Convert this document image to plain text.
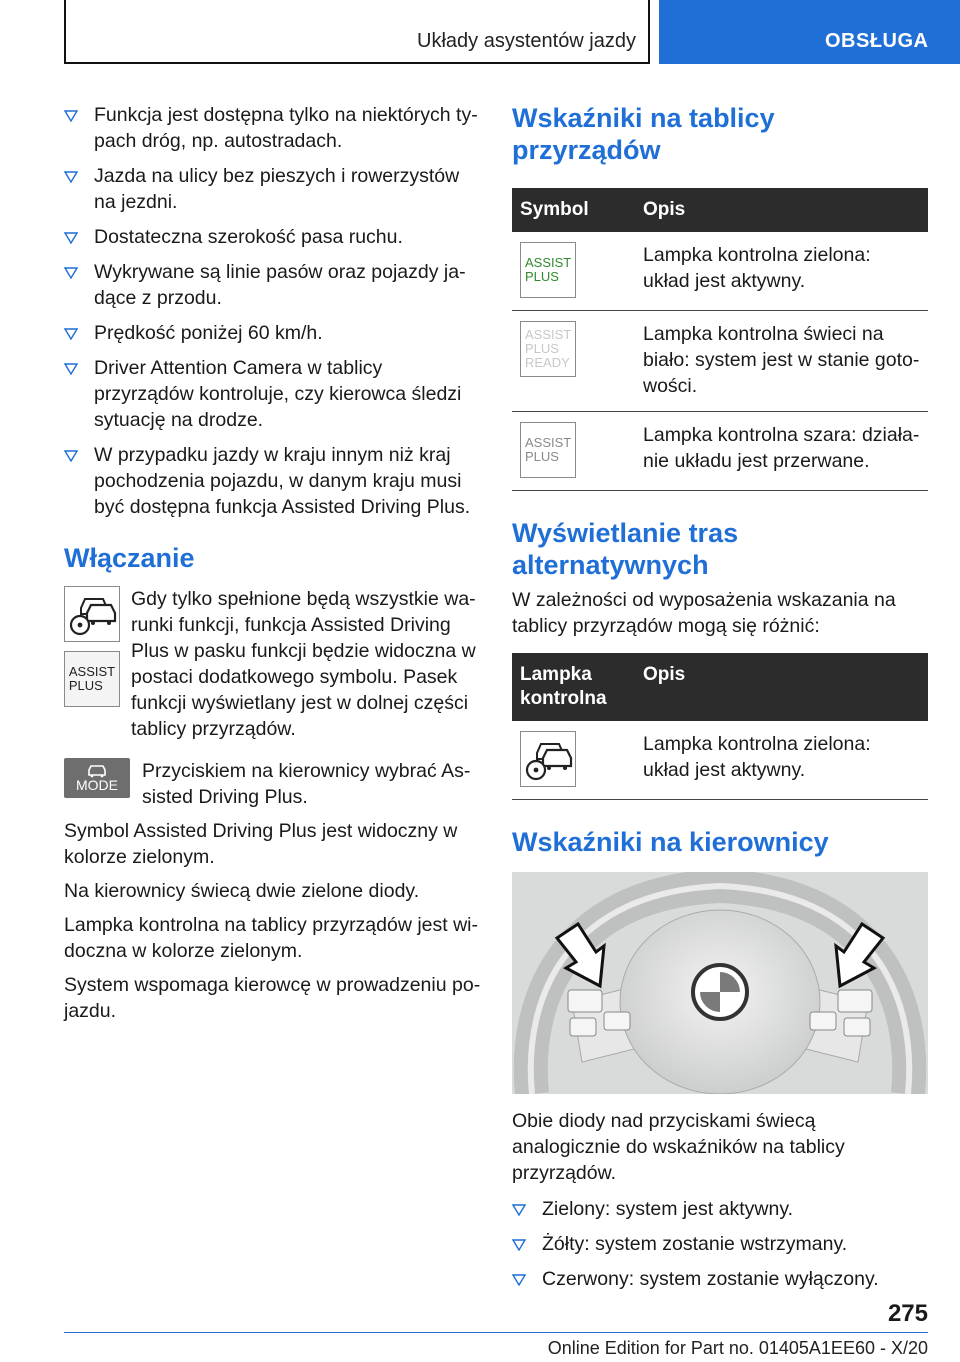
Układy asystentów jazdy	OBSŁUGA
Funkcja jest dostępna tylko na niektórych typach dróg, np. autostradach.
Jazda na ulicy bez pieszych i rowerzystów na jezdni.
Dostateczna szerokość pasa ruchu.
Wykrywane są linie pasów oraz pojazdy jadące z przodu.
Prędkość poniżej 60 km/h.
Driver Attention Camera w tablicy przyrządów kontroluje, czy kierowca śledzi sytuację na drodze.
W przypadku jazdy w kraju innym niż kraj pochodzenia pojazdu, w danym kraju musi być dostępna funkcja Assisted Driving Plus.
Włączanie
ASSIST
PLUS

Gdy tylko spełnione będą wszystkie warunki funkcji, funkcja Assisted Driving Plus w pasku funkcji będzie widoczna w postaci dodatkowego symbolu. Pasek funkcji wyświetlany jest w dolnej części tablicy przyrządów.

MODE

Przyciskiem na kierownicy wybrać Assisted Driving Plus.

Symbol Assisted Driving Plus jest widoczny w kolorze zielonym.

Na kierownicy świecą dwie zielone diody.

Lampka kontrolna na tablicy przyrządów jest widoczna w kolorze zielonym.

System wspomaga kierowcę w prowadzeniu pojazdu.

Wskaźniki na tablicy przyrządów
Symbol	Opis

ASSIST
PLUS	Lampka kontrolna zielona: układ jest aktywny.

ASSIST
PLUS
READY	Lampka kontrolna świeci na biało: system jest w stanie gotowości.

ASSIST
PLUS	Lampka kontrolna szara: działanie układu jest przerwane.
Wyświetlanie tras alternatywnych

W zależności od wyposażenia wskazania na tablicy przyrządów mogą się różnić:

Lampka kontrolna	Opis

	Lampka kontrolna zielona: układ jest aktywny.
Wskaźniki na kierownicy

Obie diody nad przyciskami świecą analogicznie do wskaźników na tablicy przyrządów.

Zielony: system jest aktywny.
Żółty: system zostanie wstrzymany.
Czerwony: system zostanie wyłączony.
275
Online Edition for Part no. 01405A1EE60 - X/20
